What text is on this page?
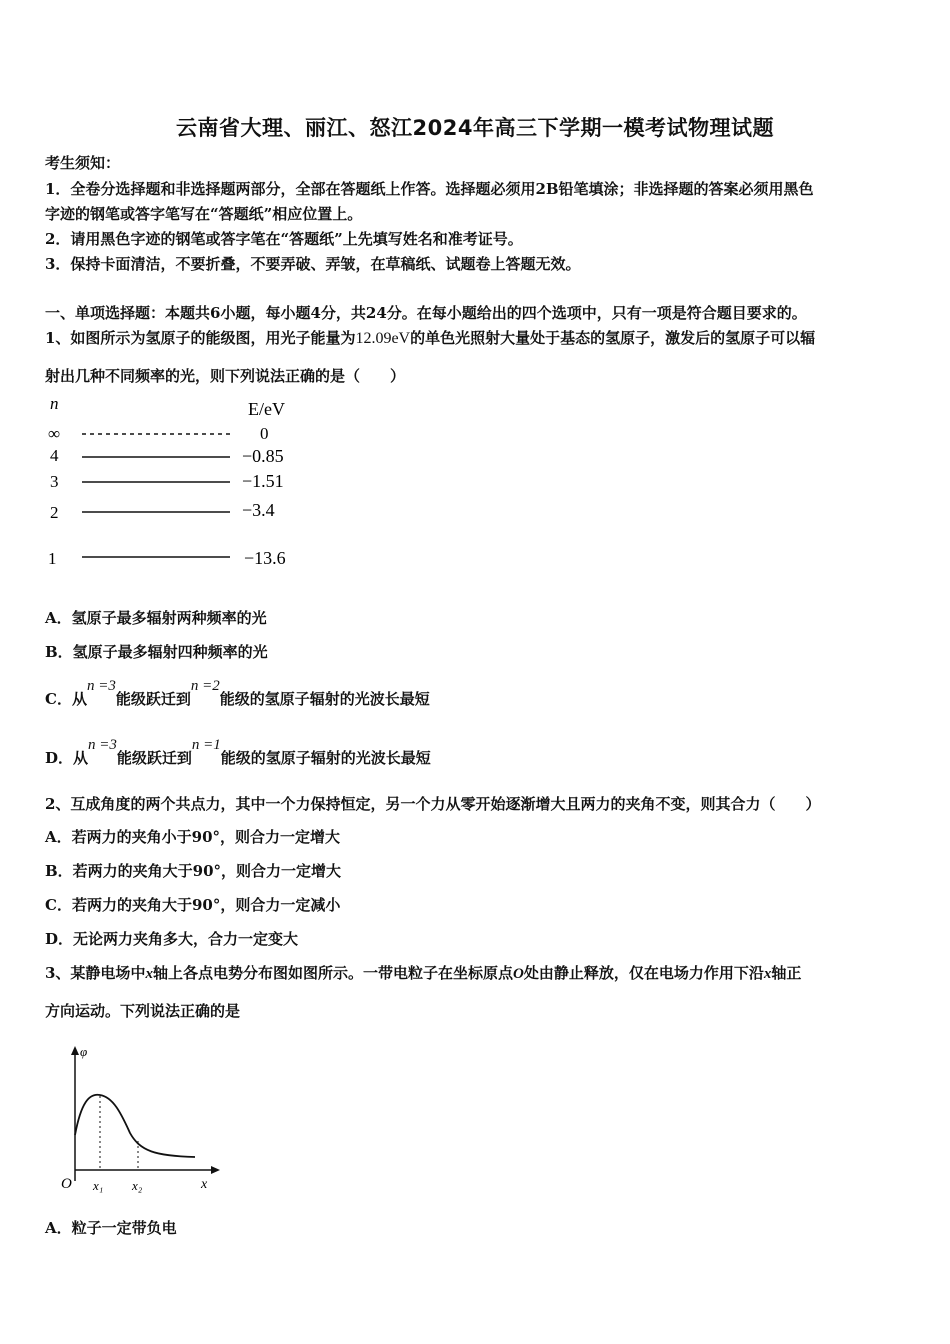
云南省大理、丽江、怒江2024年高三下学期一模考试物理试题
考生须知：
1．全卷分选择题和非选择题两部分，全部在答题纸上作答。选择题必须用2B铅笔填涂；非选择题的答案必须用黑色
字迹的钢笔或答字笔写在“答题纸”相应位置上。
2．请用黑色字迹的钢笔或答字笔在“答题纸”上先填写姓名和准考证号。
3．保持卡面清洁，不要折叠，不要弄破、弄皱，在草稿纸、试题卷上答题无效。
一、单项选择题：本题共6小题，每小题4分，共24分。在每小题给出的四个选项中，只有一项是符合题目要求的。
1、如图所示为氢原子的能级图，用光子能量为12.09eV的单色光照射大量处于基态的氢原子，激发后的氢原子可以辐
射出几种不同频率的光，则下列说法正确的是（　　）
n	E/eV
∞	0
4	−0.85
3	−1.51
2	−3.4
1	−13.6
A．氢原子最多辐射两种频率的光
B．氢原子最多辐射四种频率的光
C．从n =3能级跃迁到n =2能级的氢原子辐射的光波长最短
D．从n =3能级跃迁到n =1能级的氢原子辐射的光波长最短
2、互成角度的两个共点力，其中一个力保持恒定，另一个力从零开始逐渐增大且两力的夹角不变，则其合力（　　）
A．若两力的夹角小于90°，则合力一定增大
B．若两力的夹角大于90°，则合力一定增大
C．若两力的夹角大于90°，则合力一定减小
D．无论两力夹角多大，合力一定变大
3、某静电场中x轴上各点电势分布图如图所示。一带电粒子在坐标原点O处由静止释放，仅在电场力作用下沿x轴正
方向运动。下列说法正确的是
φ
O x₁ x₂	x
A．粒子一定带负电
